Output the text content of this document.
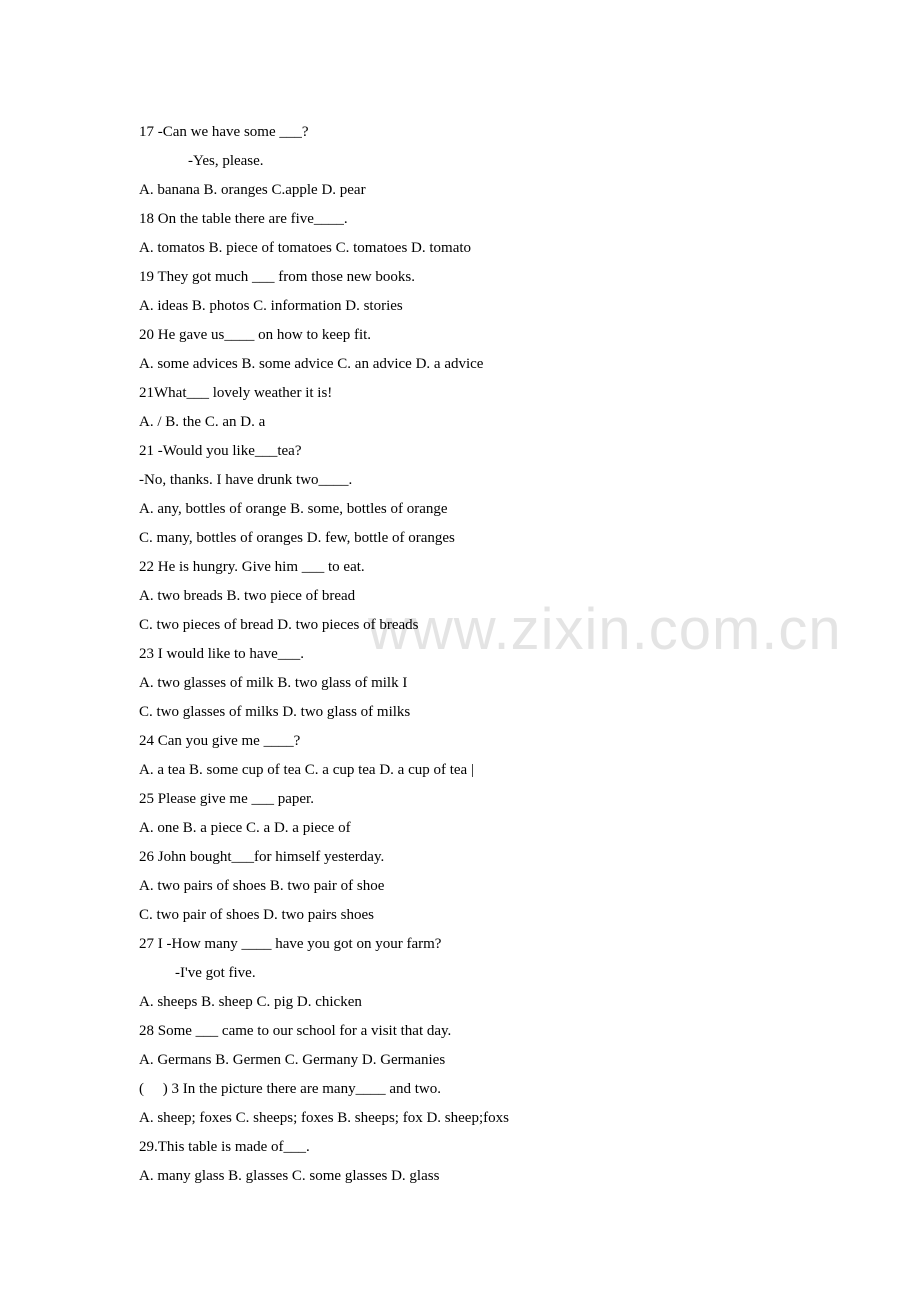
www.zixin.com.cn
17 -Can we have some ___?
-Yes, please.
A. banana B. oranges C.apple D. pear
18 On the table there are five____.
A. tomatos B. piece of tomatoes C. tomatoes D. tomato
19 They got much ___ from those new books.
A. ideas B. photos C. information D. stories
20 He gave us____ on how to keep fit.
A. some advices B. some advice C. an advice D. a advice
21What___ lovely weather it is!
A. / B. the C. an D. a
21 -Would you like___tea?
-No, thanks. I have drunk two____.
A. any, bottles of orange B. some, bottles of orange
C. many, bottles of oranges D. few, bottle of oranges
22 He is hungry. Give him ___ to eat.
A. two breads B. two piece of bread
C. two pieces of bread D. two pieces of breads
23 I would like to have___.
A. two glasses of milk B. two glass of milk I
C. two glasses of milks D. two glass of milks
24 Can you give me ____?
A. a tea B. some cup of tea C. a cup tea D. a cup of tea |
25 Please give me ___ paper.
A. one B. a piece C. a D. a piece of
26 John bought___for himself yesterday.
A. two pairs of shoes B. two pair of shoe
C. two pair of shoes D. two pairs shoes
27 I -How many ____ have you got on your farm?
-I've got five.
A. sheeps B. sheep C. pig D. chicken
28 Some ___ came to our school for a visit that day.
A. Germans B. Germen C. Germany D. Germanies
(     ) 3 In the picture there are many____ and two.
A. sheep; foxes C. sheeps; foxes B. sheeps; fox D. sheep;foxs
29.This table is made of___.
A. many glass B. glasses C. some glasses D. glass
